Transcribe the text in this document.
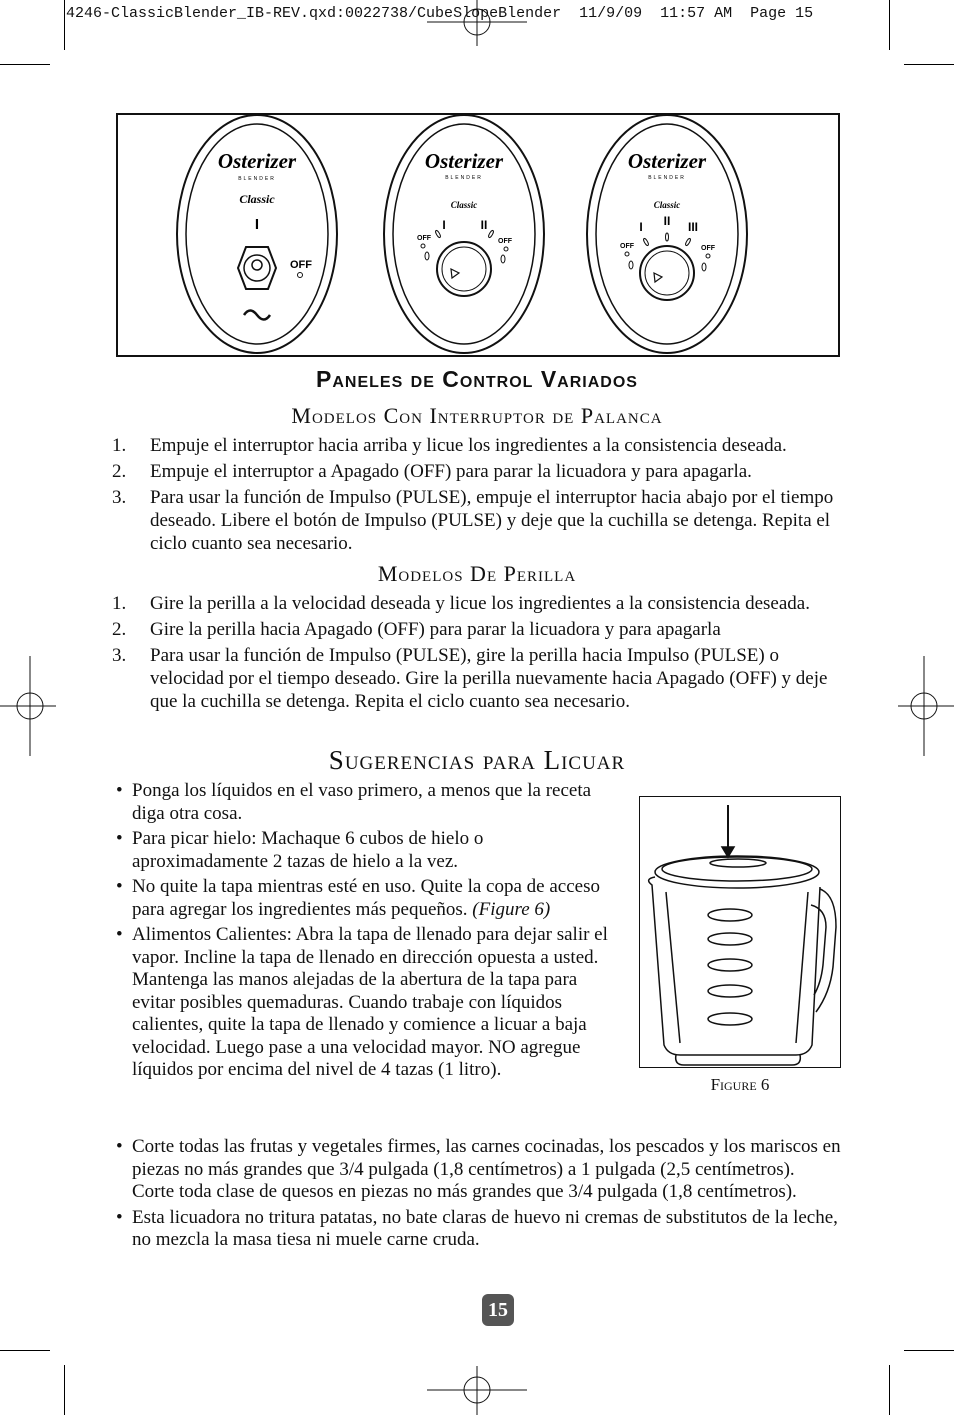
4246-ClassicBlender_IB-REV.qxd:0022738/CubeSlopeBlender  11/9/09  11:57 AM  Page 15
Osterizer
BLENDER
Classic
I
OFF
Osterizer
BLENDER
Classic
I	II
OFF	OFF
Osterizer
BLENDER
Classic
I II III
OFF	OFF
Paneles de Control Variados
Modelos Con Interruptor de Palanca
1. Empuje el interruptor hacia arriba y licue los ingredientes a la consistencia deseada.
2. Empuje el interruptor a Apagado (OFF) para parar la licuadora y para apagarla.
3. Para usar la función de Impulso (PULSE), empuje el interruptor hacia abajo por el tiempo deseado. Libere el botón de Impulso (PULSE) y deje que la cuchilla se detenga. Repita el ciclo cuanto sea necesario.
Modelos De Perilla
1. Gire la perilla a la velocidad deseada y licue los ingredientes a la consistencia deseada.
2. Gire la perilla hacia Apagado (OFF) para parar la licuadora y para apagarla
3. Para usar la función de Impulso (PULSE), gire la perilla hacia Impulso (PULSE) o velocidad por el tiempo deseado. Gire la perilla nuevamente hacia Apagado (OFF) y deje que la cuchilla se detenga. Repita el ciclo cuanto sea necesario.
Sugerencias para Licuar
• Ponga los líquidos en el vaso primero, a menos que la receta diga otra cosa.
• Para picar hielo: Machaque 6 cubos de hielo o aproximadamente 2 tazas de hielo a la vez.
• No quite la tapa mientras esté en uso. Quite la copa de acceso para agregar los ingredientes más pequeños. (Figure 6)
• Alimentos Calientes: Abra la tapa de llenado para dejar salir el vapor. Incline la tapa de llenado en dirección opuesta a usted. Mantenga las manos alejadas de la abertura de la tapa para evitar posibles quemaduras. Cuando trabaje con líquidos calientes, quite la tapa de llenado y comience a licuar a baja velocidad. Luego pase a una velocidad mayor. NO agregue líquidos por encima del nivel de 4 tazas (1 litro).
Figure 6
• Corte todas las frutas y vegetales firmes, las carnes cocinadas, los pescados y los mariscos en piezas no más grandes que 3/4 pulgada (1,8 centímetros) a 1 pulgada (2,5 centímetros). Corte toda clase de quesos en piezas no más grandes que 3/4 pulgada (1,8 centímetros).
• Esta licuadora no tritura patatas, no bate claras de huevo ni cremas de substitutos de la leche, no mezcla la masa tiesa ni muele carne cruda.
15
